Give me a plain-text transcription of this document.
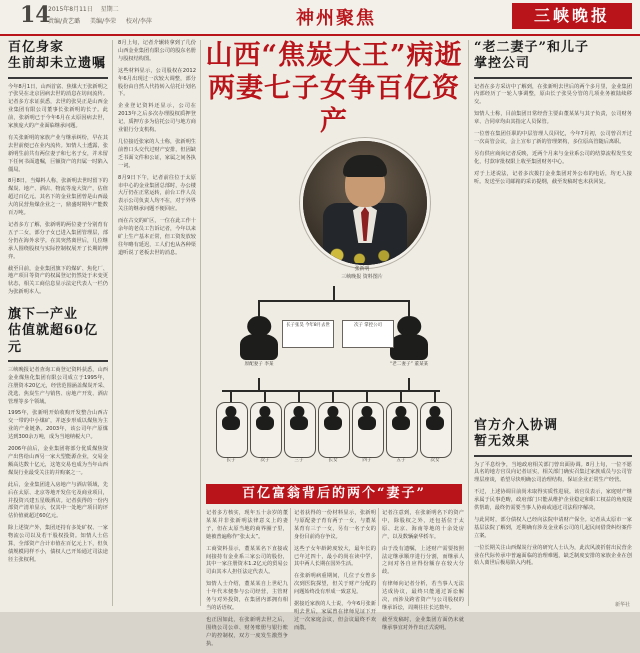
14
2015年8月11日 星期二
责编/黄艺璐 美编/李荣 校对/李萍	神州聚焦	三峡晚报
百亿身家
生前却未立遗嘱

今年8月1日，山西首富、焦煤大王张新明之子张昊在北京因病去世的消息在坊间流传。记者多方求证获悉，去世的张昊正是山西金业集团有限公司董事长张新明的长子。此前，张新明已于今年6月在太原因病去世，家族庞大的产业面临继承问题。

有关张新明的家族产业与继承纠纷，早在其去世前便已在业内流传。知情人士透露，张新明生前共有两位妻子和七名子女，并未留下任何书面遗嘱，巨额资产的归属一时陷入僵局。

8月8日，当爆料人称，张新明去世时留下的煤炭、地产、酒店、物流等庞大资产，估值超过百亿元。其名下的金业集团曾是山西最大的民营焦煤企业之一，鼎盛时期年产能数百万吨。

记者多方了解，张新明的两位妻子分别育有五子二女，部分子女已进入集团管理层，部分仍在海外求学。在其突然离世后，几位继承人围绕股权与实际控制权展开了长期的博弈。

截至目前，金业集团旗下的煤矿、焦化厂、地产项目等资产的权属登记仍然处于未变更状态，相关工商信息显示法定代表人一栏仍为张新明本人。

旗下一产业
估值就超60亿元

三峡晚报记者查询工商登记资料获悉，山西金业煤焦化集团有限公司成立于1995年，注册资本20亿元，经营范围涵盖煤炭开采、洗选、焦炭生产与销售、房地产开发、酒店管理等多个领域。

1995年，张新明开始收购开发整合山西古交一带的中小煤矿，并逐步形成以煤焦为主业的产业链条。2003年，该公司年产原煤达到300余万吨，成为当地纳税大户。

2006年前后，金业集团将部分优质煤焦资产出售给山西另一家大型能源企业，交易金额高达数十亿元，这笔交易也成为当年山西煤炭行业最受关注的并购案之一。

此后，金业集团进入房地产与酒店领域，先后在太原、北京等地开发住宅及商业项目，并投资兴建五星级酒店。记者获得的一份内部资产清单显示，仅其中一处地产项目的评估价值就超过60亿元。

除上述资产外，集团还持有多处矿权、一家物流公司以及若干股权投资。知情人士估算，全部资产合计市值在百亿元上下，但负债规模同样不小，债权人已开始通过司法途径主张权利。

8月上旬，记者介辗转拿到了几份山西金业集团有限公司的股东名册与股权结构图。

这些材料显示，公司股权在2012年6月出现过一次较大调整，部分股份由自然人代持转入信托计划名下。

企业登记资料还显示，公司在2013年之后多次办理股权质押登记，质押方多为信托公司与地方商业银行分支机构。

几位接近张家的人士称，张新明生前曾口头交代过财产安排，但因缺乏书面文件和公证，家属之间各执一词。

8月9日下午，记者前往位于太原市中心的金业集团总部时，办公楼大厅仍在正常运转，前台工作人员表示公司负责人均不在，对于外界关注的继承问题不便回应。

而在古交的矿区，一位在此工作十余年的老员工告诉记者，今年以来矿上生产基本正常，但工资发放较往年略有延迟，工人们也从各种渠道听说了老板去世的消息。

山西“焦炭大王”病逝
两妻七子女争百亿资产
张新明
三峡晚报 资料图片
原配妻子 李某	“老二妻子” 董某某
长子张昊 今年8月去世	次子 掌控公司
长子	次子	三子	长女	四子	五子	次女
百亿富翁背后的两个“妻子”

记者多方核实，现年五十余岁的董某某并非张新明法律意义上的妻子，但在太原当地的商界圈子里，她被普遍称作“张太太”。

工商资料显示，董某某名下直接或间接持有金业系三家公司的股份，其中一家注册资本1.2亿元的贸易公司由其本人担任法定代表人。

知情人士介绍，董某某自上世纪九十年代末便参与公司经营，主管财务与对外投资，在集团内部拥有相当的话语权。

也正因如此，在张新明去世之后，围绕公司公章、财务账册与银行账户的控制权，双方一度发生激烈争执。

记者获得的一份材料显示，张新明与原配妻子育有两子一女，与董某某育有三子一女，另有一名子女的身份目前尚存争议。

这些子女年龄跨度较大，最年长的已年过四十，最小的尚在读中学，其中两人长期在国外生活。

在张新明病重期间，几位子女曾多次到医院探望，但关于财产分配的问题始终没有形成一致意见。

据接近家族的人士说，今年6月张新明去世后，家属曾在律师见证下开过一次家庭会议，但会议最终不欢而散。

记者注意到，在张新明名下的资产中，除股权之外，还包括位于太原、北京、海南等地的十余处房产，以及数辆豪华轿车。

由于没有遗嘱，上述财产需要按照法定继承顺序进行分割，而继承人之间对各自应得份额存在较大分歧。

有律师向记者分析，若当事人无法达成协议，最终只能通过诉讼解决，而涉及跨省资产与公司股权的继承诉讼，周期往往长达数年。

截至发稿时，金业集团方面仍未就继承事宜对外作出正式说明。

“老二妻子”和儿子
掌控公司

记者在多方采访中了解到，在张新明去世后的两个多月里，金业集团内部经历了一轮人事调整，原由长子张昊分管的几项业务被陆续移交。

知情人士称，目前集团日常经营主要由董某某与其子负责，公司财务章、合同章均由其指定人员保管。

一位曾在集团任职的中层管理人员回忆，今年7月初，公司曾召开过一次高管会议，会上宣布了新的管理架构，多位原高管随后离职。

另有供应商向记者反映，近两个月来与金业系公司的结算流程发生变化，付款审批权限上收至集团财务中心。

对于上述说法，记者多次拨打金业集团对外公布的电话，均无人接听。发送至公司邮箱的采访提纲，截至发稿时也未获回复。

官方介入协调
暂无效果

为了平息纷争，当地政府相关部门曾出面协调。8月上旬，一位不愿具名的地方官员向记者证实，相关部门确实召集过家族成员与公司管理层座谈，希望尽快明确公司治理结构，保证企业正常生产经营。

不过，上述协调目前尚未取得实质性进展。该官员表示，家庭财产继承属于民事范畴，政府部门只能从维护企业稳定和职工权益的角度提供帮助，最终仍需要当事人协商或通过司法程序解决。

与此同时，部分债权人已经向法院申请财产保全。记者从太原市一家基层法院了解到，近期确有涉及金业系公司的几起民间借贷纠纷案件立案。

一位长期关注山西煤炭行业的研究人士认为，此次风波折射出民营企业在代际传承中普遍面临的治理难题，缺乏制度安排的家族企业在创始人离世后极易陷入内耗。

新华社
